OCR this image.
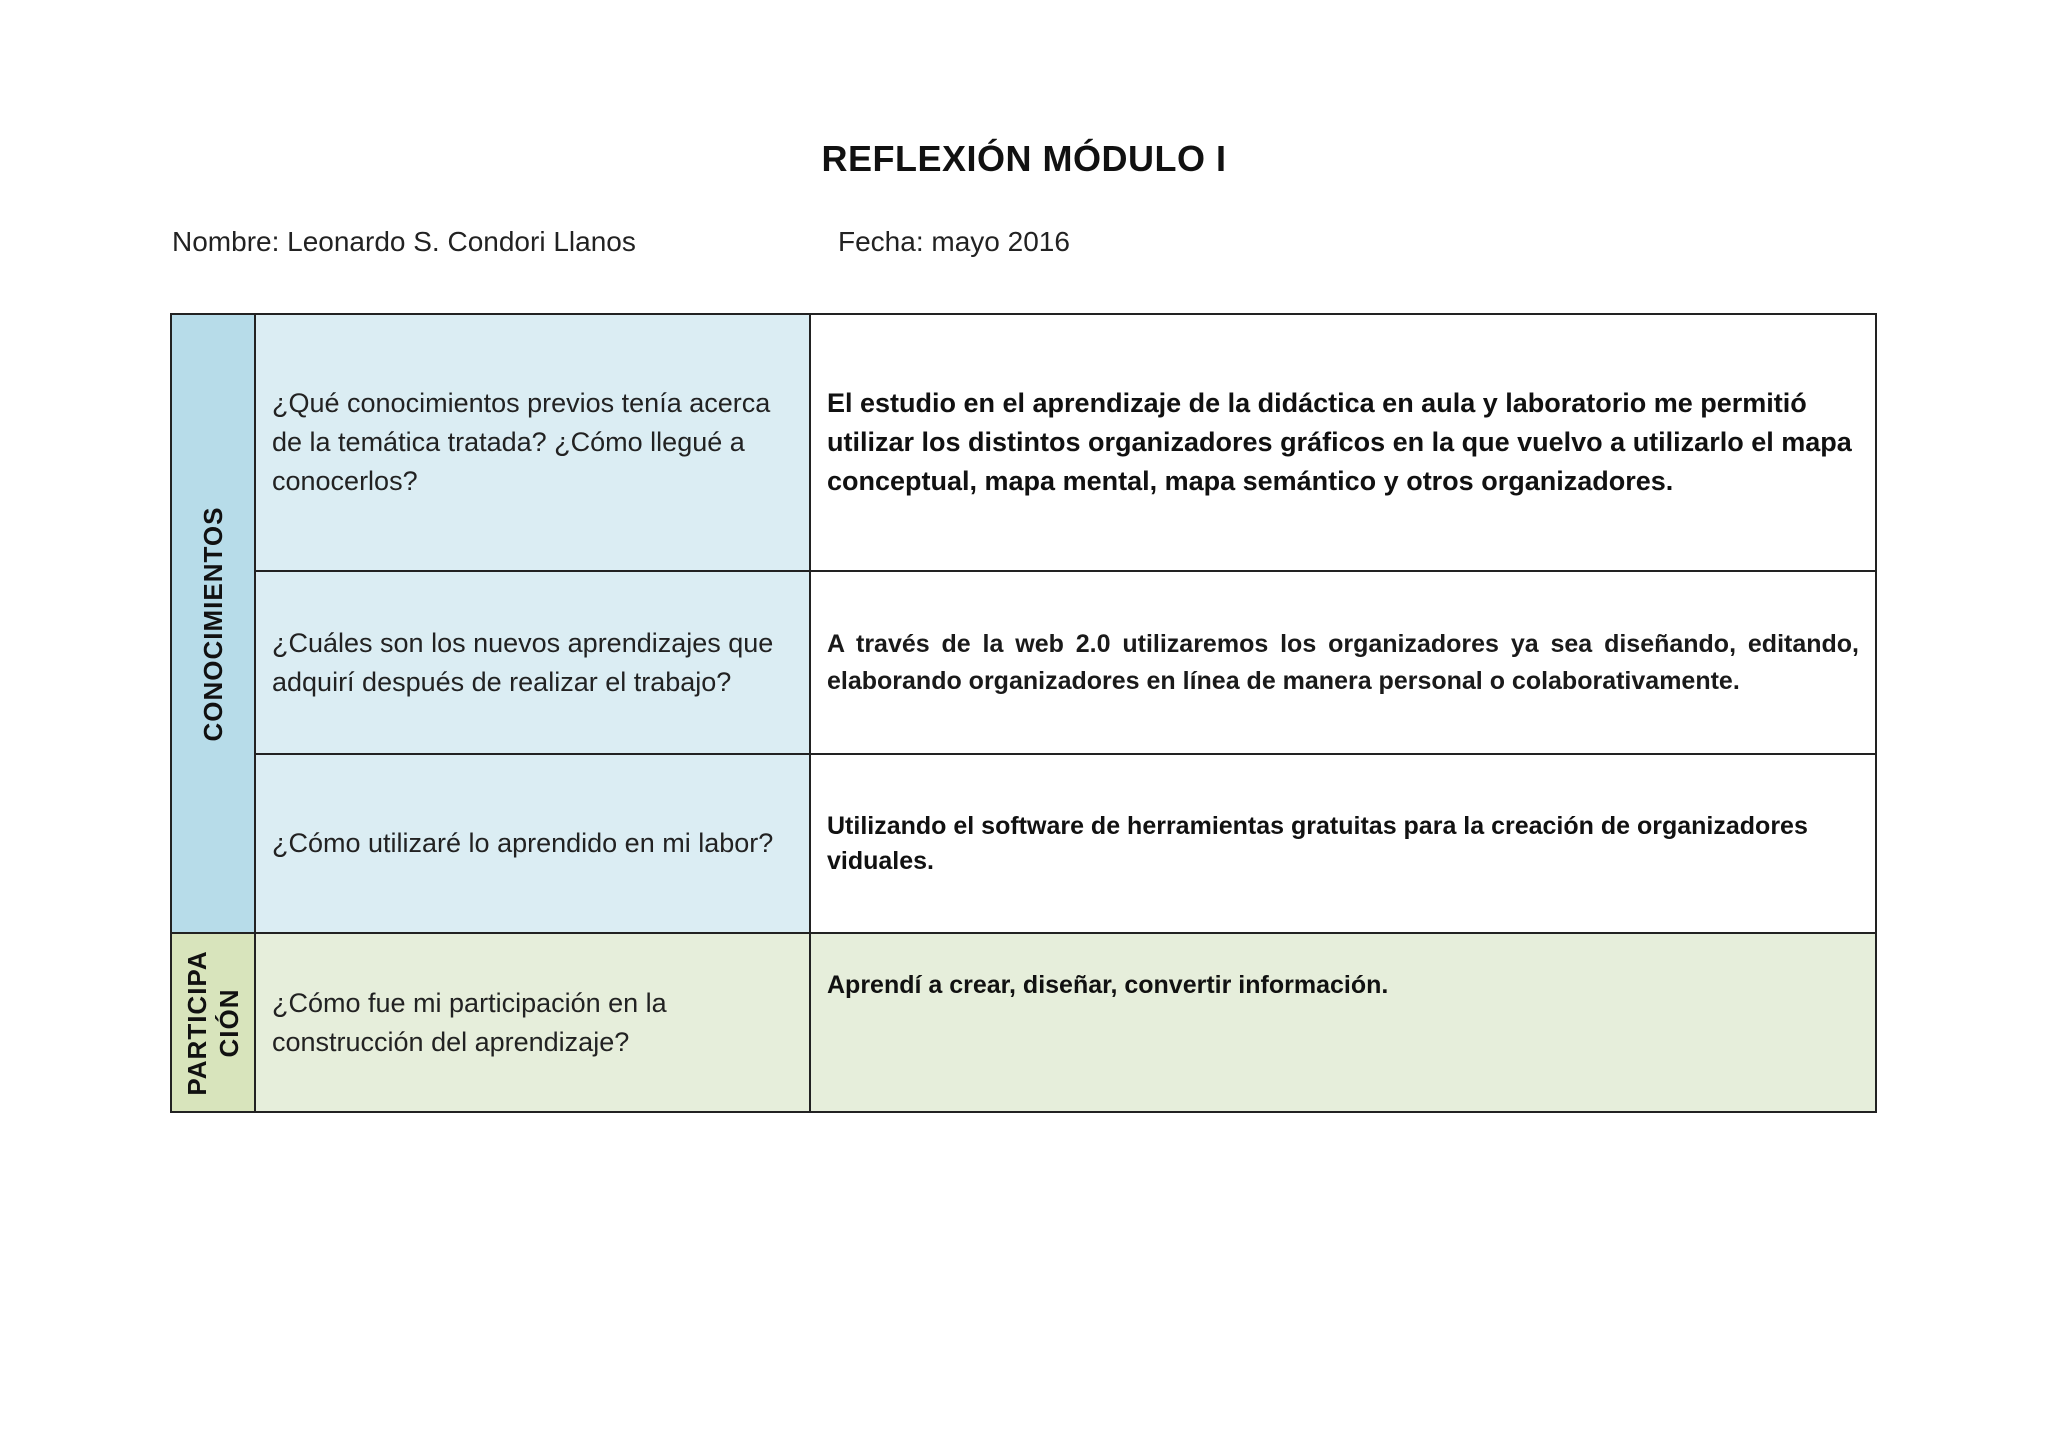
REFLEXIÓN MÓDULO I
Nombre: Leonardo S. Condori Llanos	Fecha: mayo 2016
CONOCIMIENTOS	¿Qué conocimientos previos tenía acerca de la temática tratada? ¿Cómo llegué a conocerlos?	El estudio en el aprendizaje de la didáctica en aula y laboratorio me permitió utilizar los distintos organizadores gráficos en la que vuelvo a utilizarlo el mapa conceptual, mapa mental, mapa semántico y otros organizadores.

	¿Cuáles son los nuevos aprendizajes que adquirí después de realizar el trabajo?	A través de la web 2.0 utilizaremos los organizadores ya sea diseñando, editando, elaborando organizadores en línea de manera personal o colaborativamente.

	¿Cómo utilizaré lo aprendido en mi labor?	Utilizando el software de herramientas gratuitas para la creación de organizadores viduales.

PARTICIPA CIÓN	¿Cómo fue mi participación en la construcción del aprendizaje?	Aprendí a crear, diseñar, convertir información.
